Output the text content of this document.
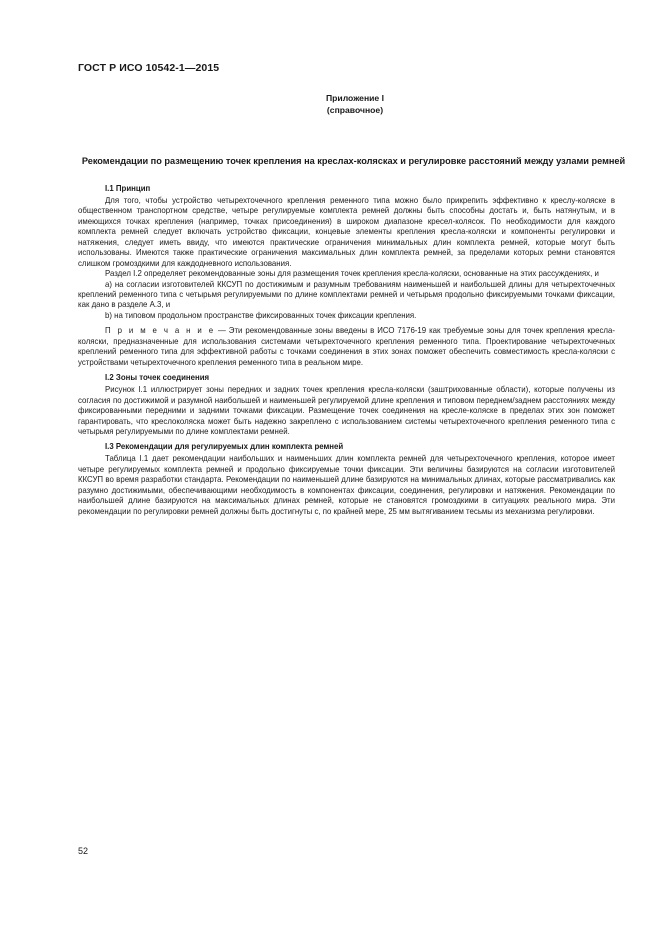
ГОСТ Р ИСО 10542-1—2015
Приложение I
(справочное)
Рекомендации по размещению точек крепления на креслах-колясках и регулировке расстояний между узлами ремней

I.1 Принцип

Для того, чтобы устройство четырехточечного крепления ременного типа можно было прикрепить эффективно к креслу-коляске в общественном транспортном средстве, четыре регулируемые комплекта ремней должны быть способны достать и, быть натянутым, и в имеющихся точках крепления (например, точках присоединения) в широком диапазоне кресел-колясок. По необходимости для каждого комплекта ремней следует включать устройство фиксации, концевые элементы крепления кресла-коляски и компоненты регулировки и натяжения, следует иметь ввиду, что имеются практические ограничения минимальных длин комплекта ремней, которые могут быть использованы. Имеются также практические ограничения максимальных длин комплекта ремней, за пределами которых ремни становятся слишком громоздкими для каждодневного использования.

Раздел I.2 определяет рекомендованные зоны для размещения точек крепления кресла-коляски, основанные на этих рассуждениях, и

a) на согласии изготовителей ККСУП по достижимым и разумным требованиям наименьшей и наибольшей длины для четырехточечных креплений ременного типа с четырьмя регулируемыми по длине комплектами ремней и четырьмя продольно фиксируемыми точками фиксации, как дано в разделе А.3, и

b) на типовом продольном пространстве фиксированных точек фиксации крепления.

П р и м е ч а н и е — Эти рекомендованные зоны введены в ИСО 7176-19 как требуемые зоны для точек крепления кресла-коляски, предназначенные для использования системами четырехточечного крепления ременного типа. Проектирование четырехточечных креплений ременного типа для эффективной работы с точками соединения в этих зонах поможет обеспечить совместимость кресла-коляски с устройствами четырехточечного крепления ременного типа в реальном мире.

I.2 Зоны точек соединения

Рисунок I.1 иллюстрирует зоны передних и задних точек крепления кресла-коляски (заштрихованные области), которые получены из согласия по достижимой и разумной наибольшей и наименьшей регулируемой длине крепления и типовом переднем/заднем расстояниях между фиксированными передними и задними точками фиксации. Размещение точек соединения на кресле-коляске в пределах этих зон поможет гарантировать, что креслоколяска может быть надежно закреплено с использованием системы четырехточечного крепления ременного типа с четырьмя регулируемыми по длине комплектами ремней.

I.3 Рекомендации для регулируемых длин комплекта ремней

Таблица I.1 дает рекомендации наибольших и наименьших длин комплекта ремней для четырехточечного крепления, которое имеет четыре регулируемых комплекта ремней и продольно фиксируемые точки фиксации. Эти величины базируются на согласии изготовителей ККСУП во время разработки стандарта. Рекомендации по наименьшей длине базируются на минимальных длинах, которые рассматривались как разумно достижимыми, обеспечивающими необходимость в компонентах фиксации, соединения, регулировки и натяжения. Рекомендации по наибольшей длине базируются на максимальных длинах ремней, которые не становятся громоздкими в ситуациях реального мира. Эти рекомендации по регулировки ремней должны быть достигнуты с, по крайней мере, 25 мм вытягиванием тесьмы из механизма регулировки.

52
